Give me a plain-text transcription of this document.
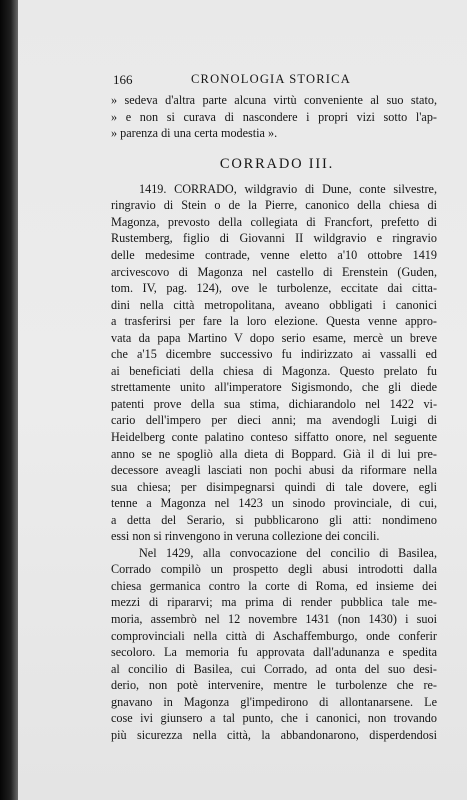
166	CRONOLOGIA STORICA
» sedeva d'altra parte alcuna virtù conveniente al suo stato,
» e non si curava di nascondere i propri vizi sotto l'ap-
» parenza di una certa modestia ».
CORRADO III.
1419. CORRADO, wildgravio di Dune, conte silvestre,
ringravio di Stein o de la Pierre, canonico della chiesa di
Magonza, prevosto della collegiata di Francfort, prefetto di
Rustemberg, figlio di Giovanni II wildgravio e ringravio
delle medesime contrade, venne eletto a'10 ottobre 1419
arcivescovo di Magonza nel castello di Erenstein (Guden,
tom. IV, pag. 124), ove le turbolenze, eccitate dai citta-
dini nella città metropolitana, aveano obbligati i canonici
a trasferirsi per fare la loro elezione. Questa venne appro-
vata da papa Martino V dopo serio esame, mercè un breve
che a'15 dicembre successivo fu indirizzato ai vassalli ed
ai beneficiati della chiesa di Magonza. Questo prelato fu
strettamente unito all'imperatore Sigismondo, che gli diede
patenti prove della sua stima, dichiarandolo nel 1422 vi-
cario dell'impero per dieci anni; ma avendogli Luigi di
Heidelberg conte palatino conteso siffatto onore, nel seguente
anno se ne spogliò alla dieta di Boppard. Già il di lui pre-
decessore aveagli lasciati non pochi abusi da riformare nella
sua chiesa; per disimpegnarsi quindi di tale dovere, egli
tenne a Magonza nel 1423 un sinodo provinciale, di cui,
a detta del Serario, si pubblicarono gli atti: nondimeno
essi non si rinvengono in veruna collezione dei concili.
Nel 1429, alla convocazione del concilio di Basilea,
Corrado compilò un prospetto degli abusi introdotti dalla
chiesa germanica contro la corte di Roma, ed insieme dei
mezzi di ripararvi; ma prima di render pubblica tale me-
moria, assembrò nel 12 novembre 1431 (non 1430) i suoi
comprovinciali nella città di Aschaffemburgo, onde conferir
secoloro. La memoria fu approvata dall'adunanza e spedita
al concilio di Basilea, cui Corrado, ad onta del suo desi-
derio, non potè intervenire, mentre le turbolenze che re-
gnavano in Magonza gl'impedirono di allontanarsene. Le
cose ivi giunsero a tal punto, che i canonici, non trovando
più sicurezza nella città, la abbandonarono, disperdendosi
